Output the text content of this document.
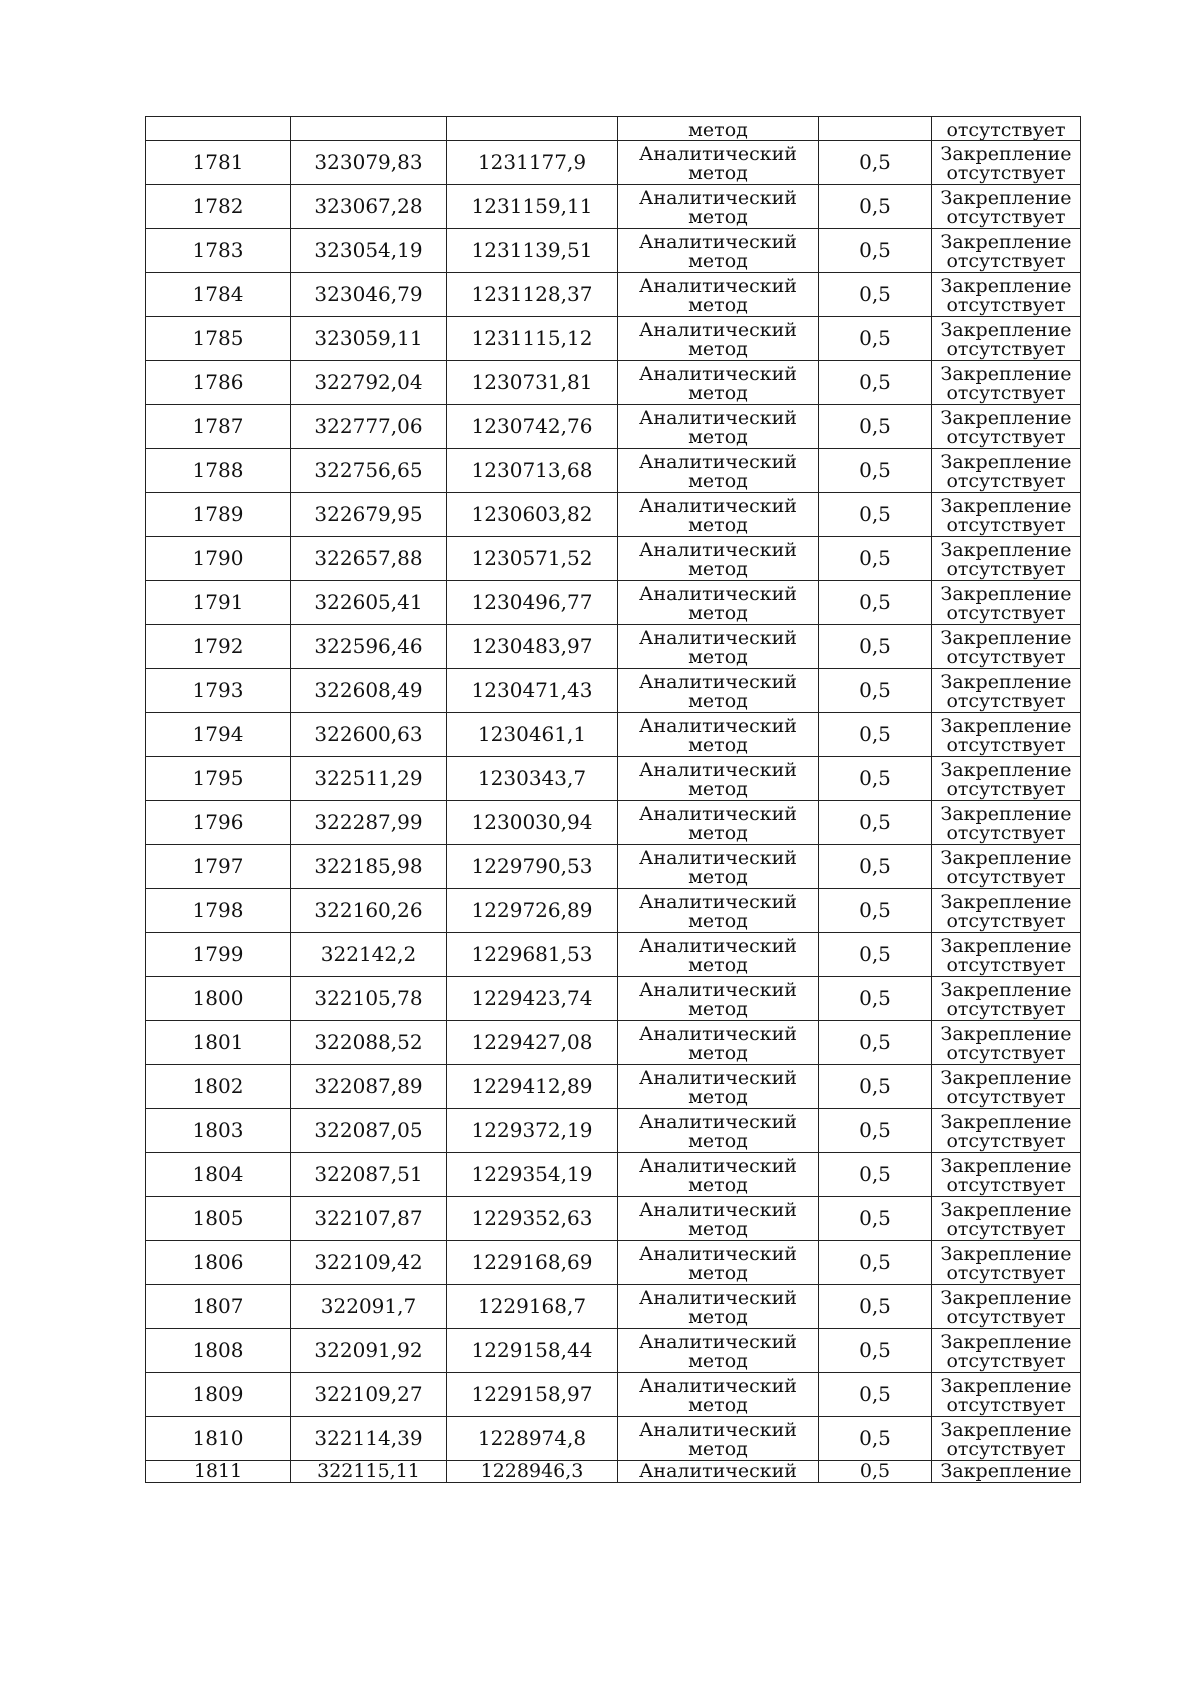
			метод		отсутствует
1781	323079,83	1231177,9	Аналитический
метод	0,5	Закрепление
отсутствует

1782	323067,28	1231159,11	Аналитический
метод	0,5	Закрепление
отсутствует

1783	323054,19	1231139,51	Аналитический
метод	0,5	Закрепление
отсутствует

1784	323046,79	1231128,37	Аналитический
метод	0,5	Закрепление
отсутствует

1785	323059,11	1231115,12	Аналитический
метод	0,5	Закрепление
отсутствует

1786	322792,04	1230731,81	Аналитический
метод	0,5	Закрепление
отсутствует

1787	322777,06	1230742,76	Аналитический
метод	0,5	Закрепление
отсутствует

1788	322756,65	1230713,68	Аналитический
метод	0,5	Закрепление
отсутствует

1789	322679,95	1230603,82	Аналитический
метод	0,5	Закрепление
отсутствует

1790	322657,88	1230571,52	Аналитический
метод	0,5	Закрепление
отсутствует

1791	322605,41	1230496,77	Аналитический
метод	0,5	Закрепление
отсутствует

1792	322596,46	1230483,97	Аналитический
метод	0,5	Закрепление
отсутствует

1793	322608,49	1230471,43	Аналитический
метод	0,5	Закрепление
отсутствует

1794	322600,63	1230461,1	Аналитический
метод	0,5	Закрепление
отсутствует

1795	322511,29	1230343,7	Аналитический
метод	0,5	Закрепление
отсутствует

1796	322287,99	1230030,94	Аналитический
метод	0,5	Закрепление
отсутствует

1797	322185,98	1229790,53	Аналитический
метод	0,5	Закрепление
отсутствует

1798	322160,26	1229726,89	Аналитический
метод	0,5	Закрепление
отсутствует

1799	322142,2	1229681,53	Аналитический
метод	0,5	Закрепление
отсутствует

1800	322105,78	1229423,74	Аналитический
метод	0,5	Закрепление
отсутствует

1801	322088,52	1229427,08	Аналитический
метод	0,5	Закрепление
отсутствует

1802	322087,89	1229412,89	Аналитический
метод	0,5	Закрепление
отсутствует

1803	322087,05	1229372,19	Аналитический
метод	0,5	Закрепление
отсутствует

1804	322087,51	1229354,19	Аналитический
метод	0,5	Закрепление
отсутствует

1805	322107,87	1229352,63	Аналитический
метод	0,5	Закрепление
отсутствует

1806	322109,42	1229168,69	Аналитический
метод	0,5	Закрепление
отсутствует

1807	322091,7	1229168,7	Аналитический
метод	0,5	Закрепление
отсутствует

1808	322091,92	1229158,44	Аналитический
метод	0,5	Закрепление
отсутствует

1809	322109,27	1229158,97	Аналитический
метод	0,5	Закрепление
отсутствует

1810	322114,39	1228974,8	Аналитический
метод	0,5	Закрепление
отсутствует

1811	322115,11	1228946,3	Аналитический	0,5	Закрепление
